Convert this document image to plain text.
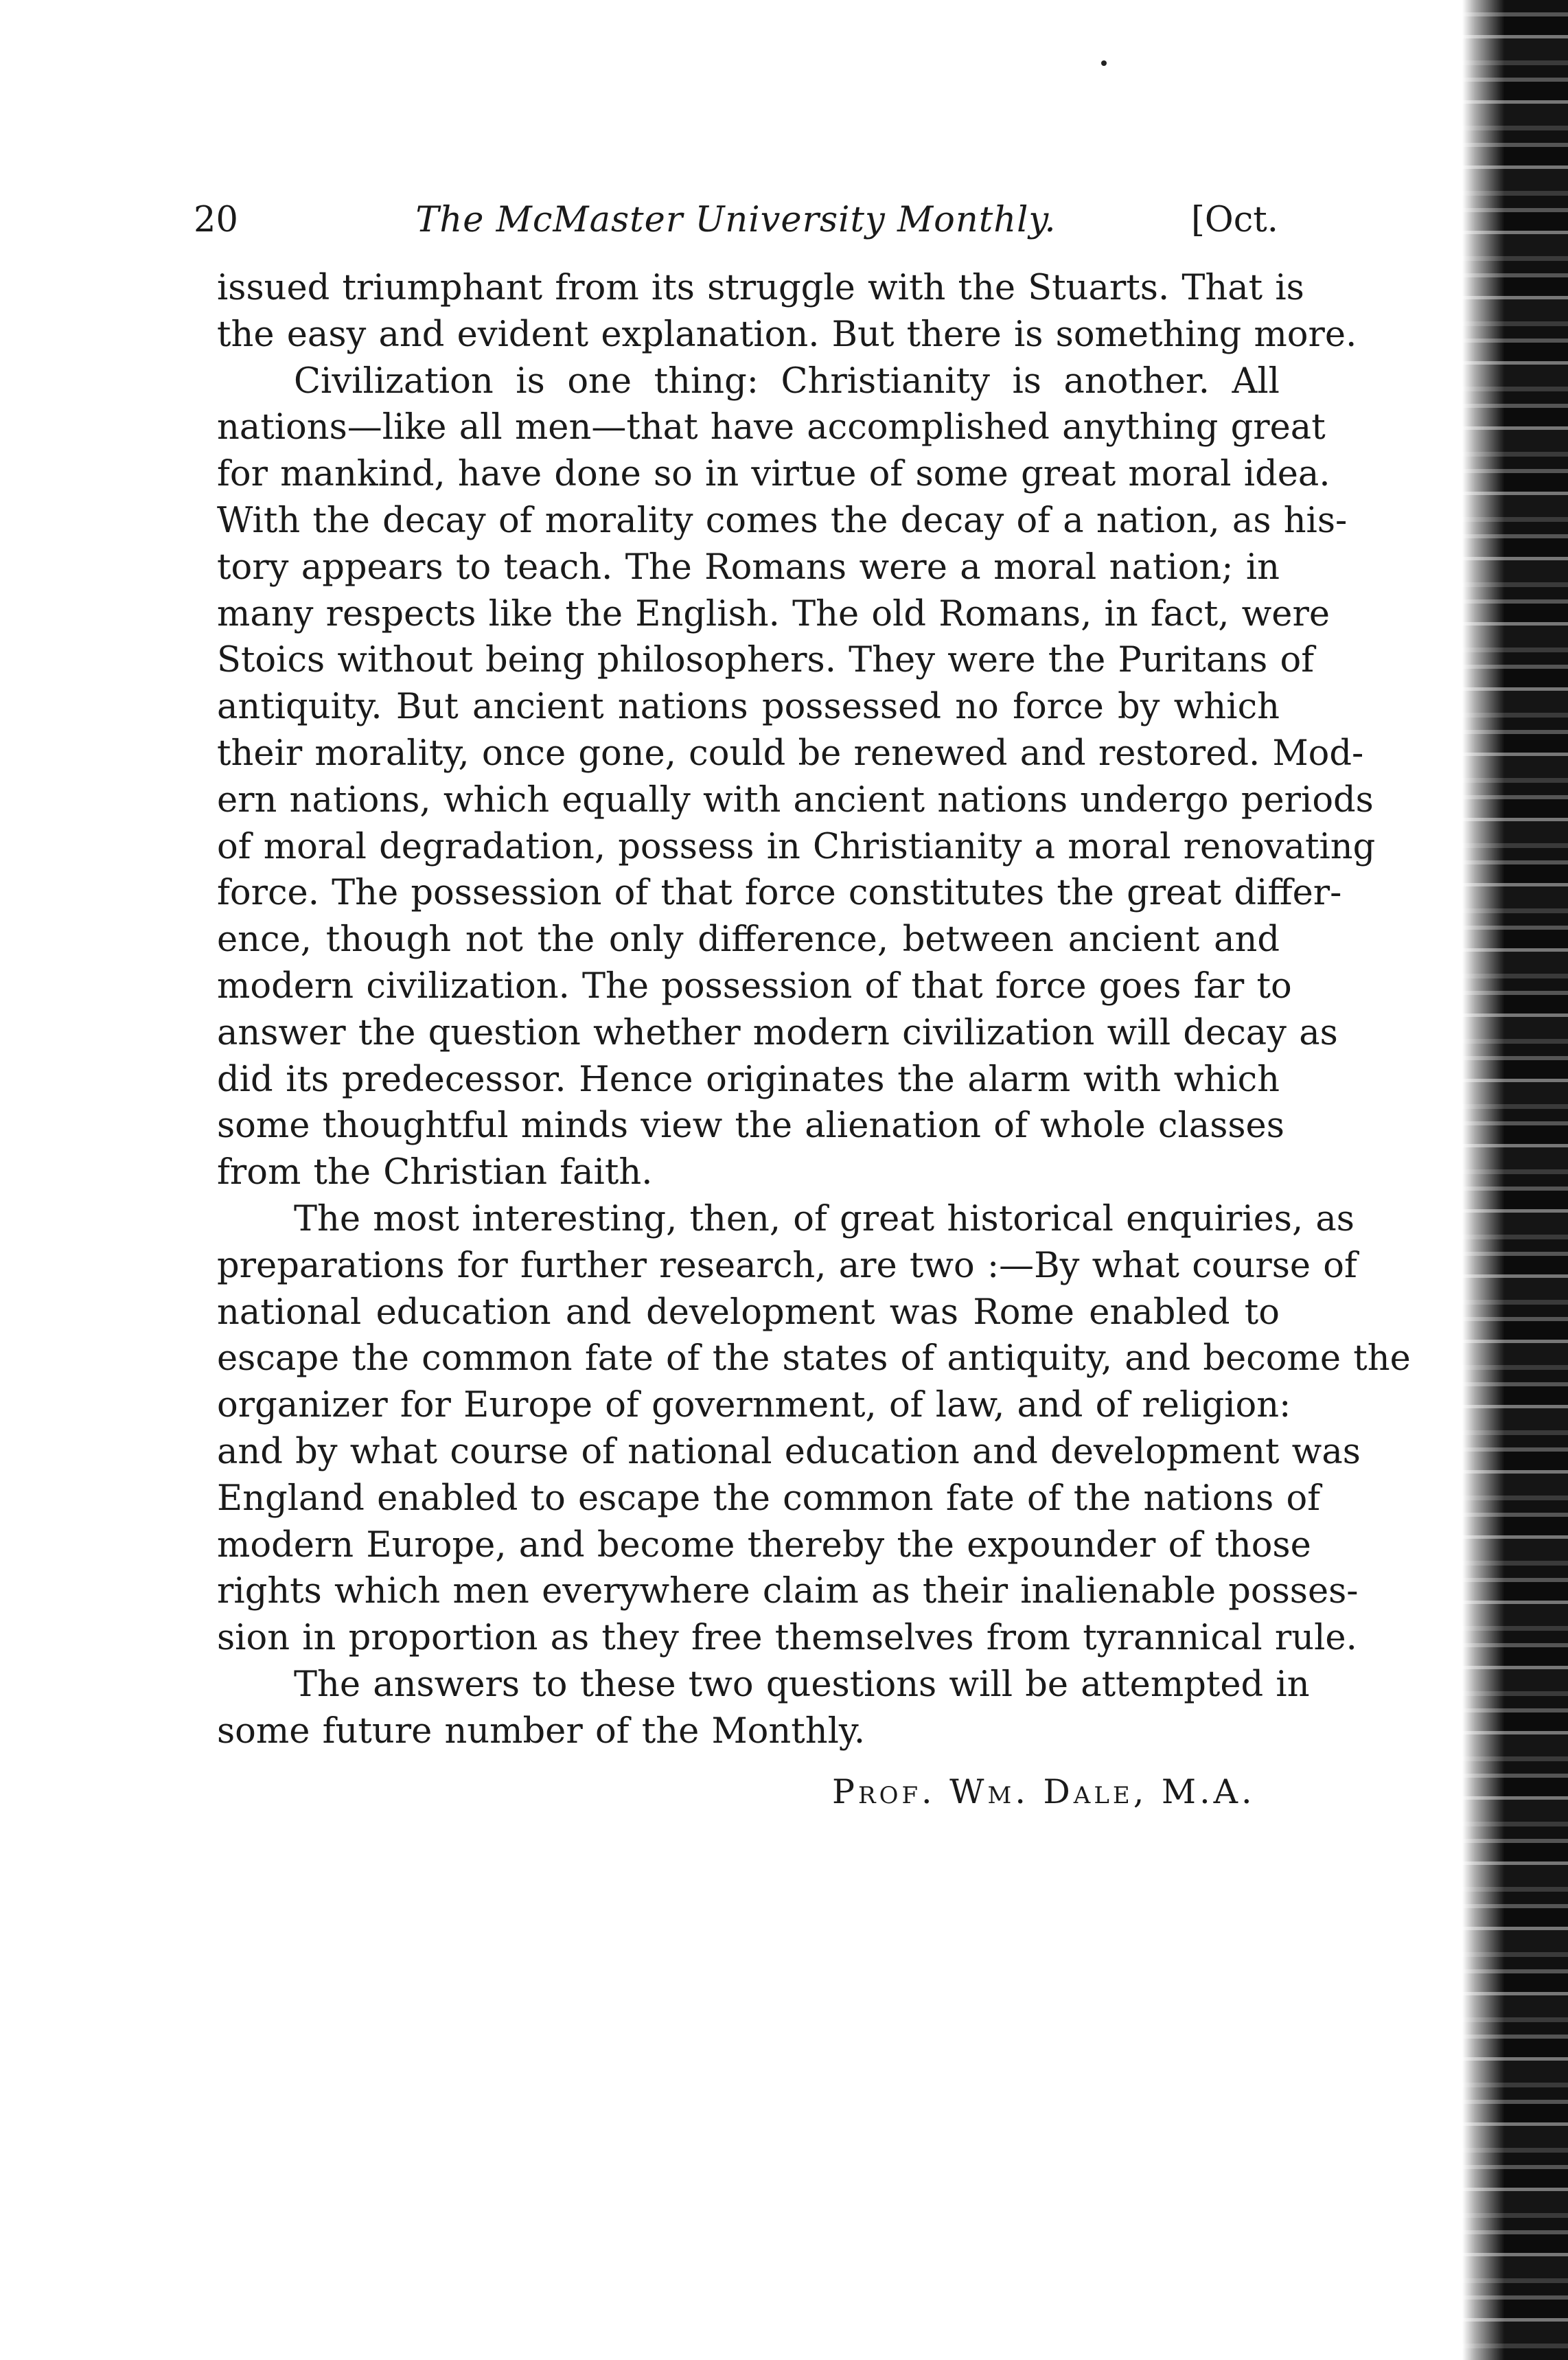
20	The McMaster University Monthly.	[Oct.
issued triumphant from its struggle with the Stuarts. That is
the easy and evident explanation. But there is something more.
Civilization is one thing: Christianity is another. All
nations—like all men—that have accomplished anything great
for mankind, have done so in virtue of some great moral idea.
With the decay of morality comes the decay of a nation, as his-
tory appears to teach. The Romans were a moral nation; in
many respects like the English. The old Romans, in fact, were
Stoics without being philosophers. They were the Puritans of
antiquity. But ancient nations possessed no force by which
their morality, once gone, could be renewed and restored. Mod-
ern nations, which equally with ancient nations undergo periods
of moral degradation, possess in Christianity a moral renovating
force. The possession of that force constitutes the great differ-
ence, though not the only difference, between ancient and
modern civilization. The possession of that force goes far to
answer the question whether modern civilization will decay as
did its predecessor. Hence originates the alarm with which
some thoughtful minds view the alienation of whole classes
from the Christian faith.
The most interesting, then, of great historical enquiries, as
preparations for further research, are two :—By what course of
national education and development was Rome enabled to
escape the common fate of the states of antiquity, and become the
organizer for Europe of government, of law, and of religion:
and by what course of national education and development was
England enabled to escape the common fate of the nations of
modern Europe, and become thereby the expounder of those
rights which men everywhere claim as their inalienable posses-
sion in proportion as they free themselves from tyrannical rule.
The answers to these two questions will be attempted in
some future number of the Monthly.
Prof. Wm. Dale, M.A.
